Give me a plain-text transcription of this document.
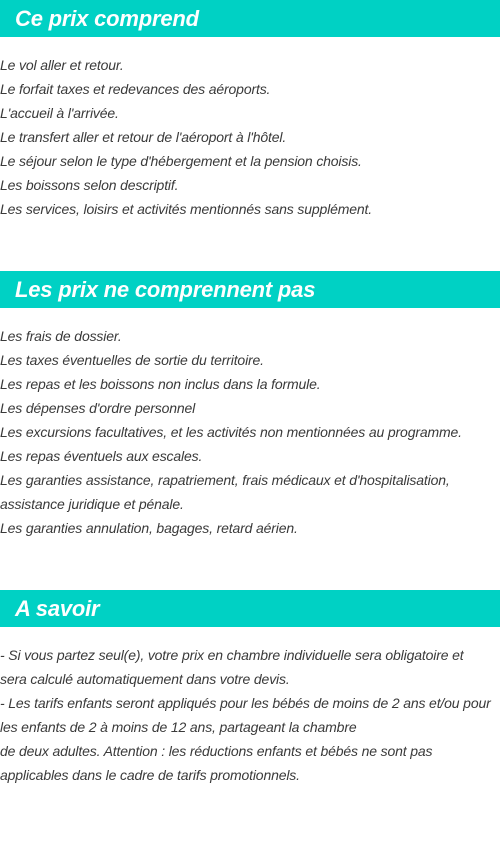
Ce prix comprend
Le vol aller et retour.
Le forfait taxes et redevances des aéroports.
L'accueil à l'arrivée.
Le transfert aller et retour de l'aéroport à l'hôtel.
Le séjour selon le type d'hébergement et la pension choisis.
Les boissons selon descriptif.
Les services, loisirs et activités mentionnés sans supplément.
Les prix ne comprennent pas
Les frais de dossier.
Les taxes éventuelles de sortie du territoire.
Les repas et les boissons non inclus dans la formule.
Les dépenses d'ordre personnel
Les excursions facultatives, et les activités non mentionnées au programme.
Les repas éventuels aux escales.
Les garanties assistance, rapatriement, frais médicaux et d'hospitalisation,
assistance juridique et pénale.
Les garanties annulation, bagages, retard aérien.
A savoir
- Si vous partez seul(e), votre prix en chambre individuelle sera obligatoire et
sera calculé automatiquement dans votre devis.
- Les tarifs enfants seront appliqués pour les bébés de moins de 2 ans et/ou pour
les enfants de 2 à moins de 12 ans, partageant la chambre
de deux adultes. Attention : les réductions enfants et bébés ne sont pas
applicables dans le cadre de tarifs promotionnels.
